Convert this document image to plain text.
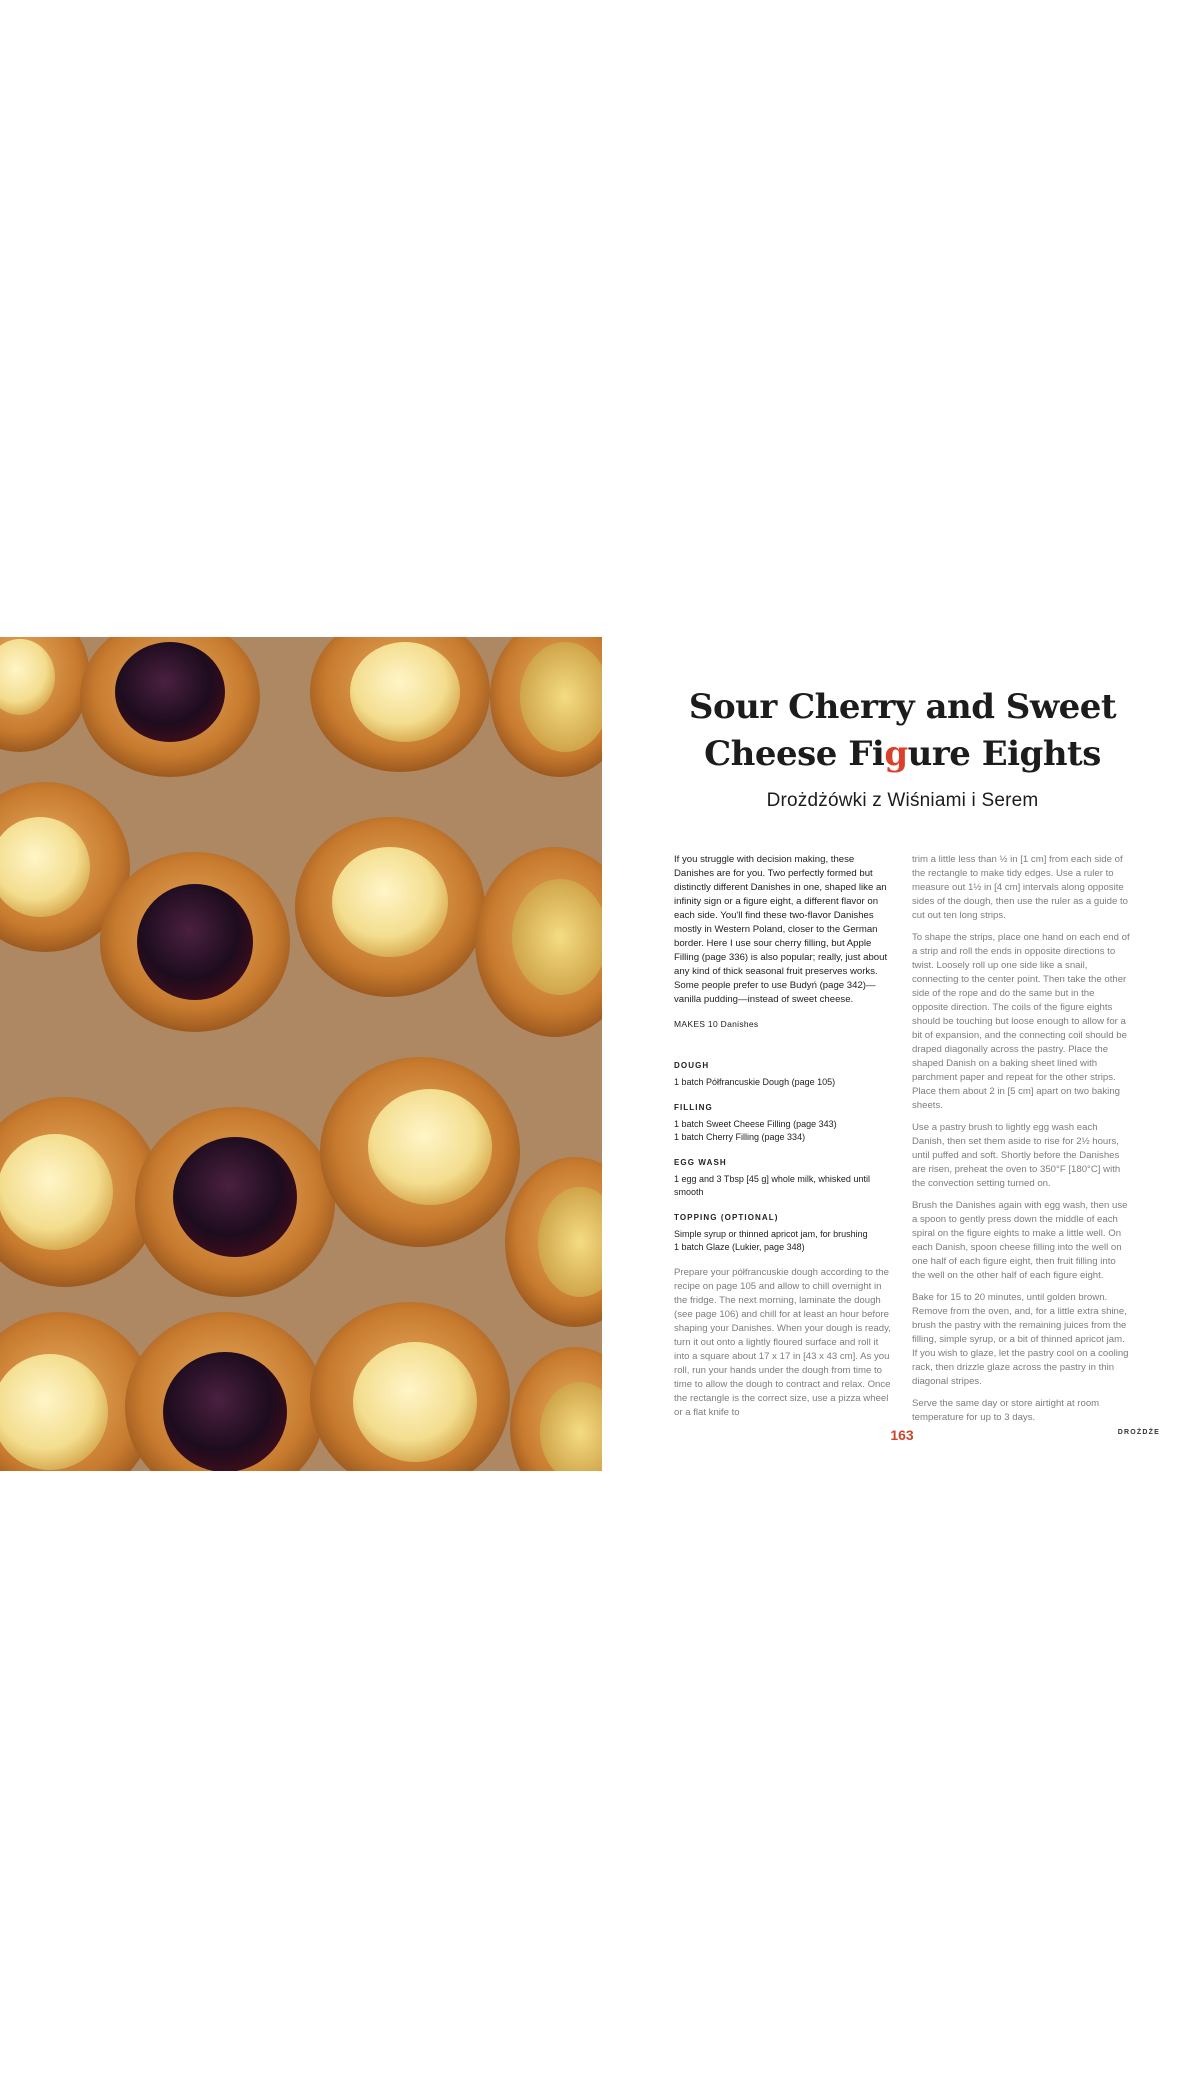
Sour Cherry and Sweet
Cheese Figure Eights
Drożdżówki z Wiśniami i Serem

If you struggle with decision making, these Danishes are for you. Two perfectly formed but distinctly different Danishes in one, shaped like an infinity sign or a figure eight, a different flavor on each side. You'll find these two-flavor Danishes mostly in Western Poland, closer to the German border. Here I use sour cherry filling, but Apple Filling (page 336) is also popular; really, just about any kind of thick seasonal fruit preserves works. Some people prefer to use Budyń (page 342)—vanilla pudding—instead of sweet cheese.

MAKES 10 Danishes

DOUGH
1 batch Półfrancuskie Dough (page 105)
FILLING
1 batch Sweet Cheese Filling (page 343)
1 batch Cherry Filling (page 334)
EGG WASH
1 egg and 3 Tbsp [45 g] whole milk, whisked until smooth
TOPPING (OPTIONAL)
Simple syrup or thinned apricot jam, for brushing
1 batch Glaze (Lukier, page 348)

Prepare your półfrancuskie dough according to the recipe on page 105 and allow to chill overnight in the fridge. The next morning, laminate the dough (see page 106) and chill for at least an hour before shaping your Danishes. When your dough is ready, turn it out onto a lightly floured surface and roll it into a square about 17 x 17 in [43 x 43 cm]. As you roll, run your hands under the dough from time to time to allow the dough to contract and relax. Once the rectangle is the correct size, use a pizza wheel or a flat knife to

trim a little less than ½ in [1 cm] from each side of the rectangle to make tidy edges. Use a ruler to measure out 1½ in [4 cm] intervals along opposite sides of the dough, then use the ruler as a guide to cut out ten long strips.

To shape the strips, place one hand on each end of a strip and roll the ends in opposite directions to twist. Loosely roll up one side like a snail, connecting to the center point. Then take the other side of the rope and do the same but in the opposite direction. The coils of the figure eights should be touching but loose enough to allow for a bit of expansion, and the connecting coil should be draped diagonally across the pastry. Place the shaped Danish on a baking sheet lined with parchment paper and repeat for the other strips. Place them about 2 in [5 cm] apart on two baking sheets.

Use a pastry brush to lightly egg wash each Danish, then set them aside to rise for 2½ hours, until puffed and soft. Shortly before the Danishes are risen, preheat the oven to 350°F [180°C] with the convection setting turned on.

Brush the Danishes again with egg wash, then use a spoon to gently press down the middle of each spiral on the figure eights to make a little well. On each Danish, spoon cheese filling into the well on one half of each figure eight, then fruit filling into the well on the other half of each figure eight.

Bake for 15 to 20 minutes, until golden brown. Remove from the oven, and, for a little extra shine, brush the pastry with the remaining juices from the filling, simple syrup, or a bit of thinned apricot jam. If you wish to glaze, let the pastry cool on a cooling rack, then drizzle glaze across the pastry in thin diagonal stripes.

Serve the same day or store airtight at room temperature for up to 3 days.

163	DROŻDŻE
